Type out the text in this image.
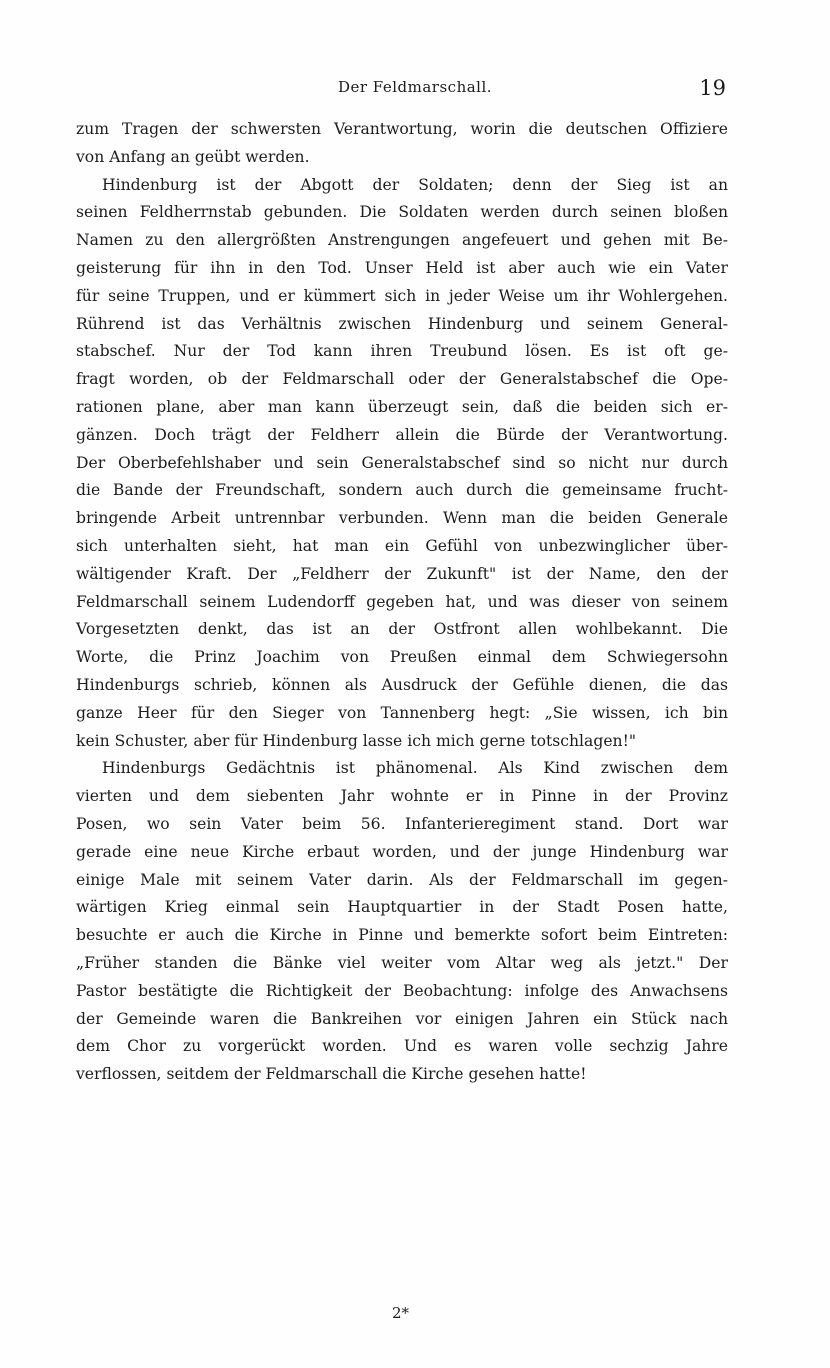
Der Feldmarschall.	19
zum Tragen der schwersten Verantwortung, worin die deutschen Offiziere
von Anfang an geübt werden.
Hindenburg ist der Abgott der Soldaten; denn der Sieg ist an
seinen Feldherrnstab gebunden. Die Soldaten werden durch seinen bloßen
Namen zu den allergrößten Anstrengungen angefeuert und gehen mit Be-
geisterung für ihn in den Tod. Unser Held ist aber auch wie ein Vater
für seine Truppen, und er kümmert sich in jeder Weise um ihr Wohlergehen.
Rührend ist das Verhältnis zwischen Hindenburg und seinem General-
stabschef. Nur der Tod kann ihren Treubund lösen. Es ist oft ge-
fragt worden, ob der Feldmarschall oder der Generalstabschef die Ope-
rationen plane, aber man kann überzeugt sein, daß die beiden sich er-
gänzen. Doch trägt der Feldherr allein die Bürde der Verantwortung.
Der Oberbefehlshaber und sein Generalstabschef sind so nicht nur durch
die Bande der Freundschaft, sondern auch durch die gemeinsame frucht-
bringende Arbeit untrennbar verbunden. Wenn man die beiden Generale
sich unterhalten sieht, hat man ein Gefühl von unbezwinglicher über-
wältigender Kraft. Der „Feldherr der Zukunft" ist der Name, den der
Feldmarschall seinem Ludendorff gegeben hat, und was dieser von seinem
Vorgesetzten denkt, das ist an der Ostfront allen wohlbekannt. Die
Worte, die Prinz Joachim von Preußen einmal dem Schwiegersohn
Hindenburgs schrieb, können als Ausdruck der Gefühle dienen, die das
ganze Heer für den Sieger von Tannenberg hegt: „Sie wissen, ich bin
kein Schuster, aber für Hindenburg lasse ich mich gerne totschlagen!"
Hindenburgs Gedächtnis ist phänomenal. Als Kind zwischen dem
vierten und dem siebenten Jahr wohnte er in Pinne in der Provinz
Posen, wo sein Vater beim 56. Infanterieregiment stand. Dort war
gerade eine neue Kirche erbaut worden, und der junge Hindenburg war
einige Male mit seinem Vater darin. Als der Feldmarschall im gegen-
wärtigen Krieg einmal sein Hauptquartier in der Stadt Posen hatte,
besuchte er auch die Kirche in Pinne und bemerkte sofort beim Eintreten:
„Früher standen die Bänke viel weiter vom Altar weg als jetzt." Der
Pastor bestätigte die Richtigkeit der Beobachtung: infolge des Anwachsens
der Gemeinde waren die Bankreihen vor einigen Jahren ein Stück nach
dem Chor zu vorgerückt worden. Und es waren volle sechzig Jahre
verflossen, seitdem der Feldmarschall die Kirche gesehen hatte!
2*
